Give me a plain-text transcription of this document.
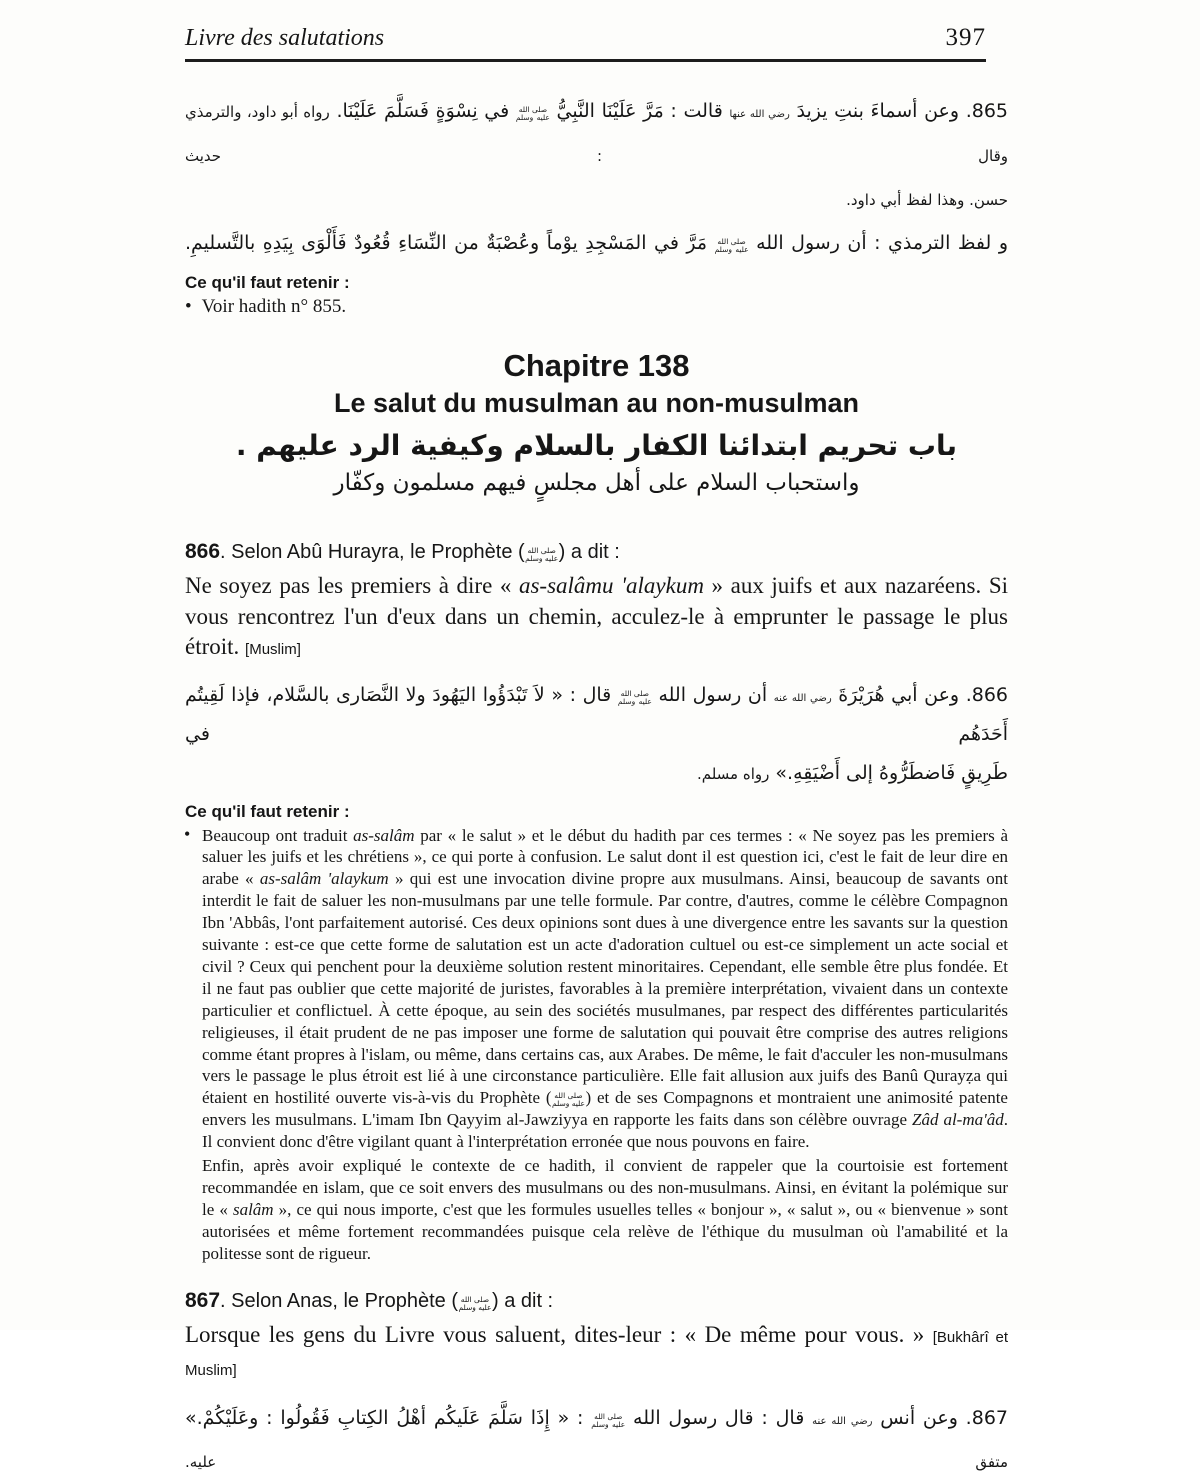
Livre des salutations	397

865. وعن أسماءَ بنتِ يزيدَ رضي الله عنها قالت : مَرَّ عَلَيْنَا النَّبِيُّ صلى الله عليه وسلم في نِسْوَةٍ فَسَلَّمَ عَلَيْنَا. رواه أبو داود، والترمذي وقال : حديث

حسن. وهذا لفظ أبي داود.

و لفظ الترمذي : أن رسول الله صلى الله عليه وسلم مَرَّ في المَسْجِدِ يوْماً وعُصْبَةٌ من النِّسَاءِ قُعُودٌ فَأَلْوَى بِيَدِهِ بالتَّسليمِ.

Ce qu'il faut retenir :

• Voir hadith n° 855.

Chapitre 138

Le salut du musulman au non-musulman

باب تحريم ابتدائنا الكفار بالسلام وكيفية الرد عليهم .

واستحباب السلام على أهل مجلسٍ فيهم مسلمون وكفّار

866. Selon Abû Hurayra, le Prophète ( صلى الله عليه وسلم) a dit :

Ne soyez pas les premiers à dire « as-salâmu 'alaykum » aux juifs et aux nazaréens. Si vous rencontrez l'un d'eux dans un chemin, acculez-le à emprunter le passage le plus étroit. [Muslim]

866. وعن أبي هُرَيْرَةَ رضي الله عنه أن رسول الله صلى الله عليه وسلم قال : « لاَ تَبْدَؤُوا اليَهُودَ ولا النَّصَارى بالسَّلام، فإذا لَقِيتُم أَحَدَهُم في

طَرِيقٍ فَاضطَرُّوهُ إلى أَضْيَقِهِ.» رواه مسلم.

Ce qu'il faut retenir :

• Beaucoup ont traduit as-salâm par « le salut » et le début du hadith par ces termes : « Ne soyez pas les premiers à saluer les juifs et les chrétiens », ce qui porte à confusion. Le salut dont il est question ici, c'est le fait de leur dire en arabe « as-salâm 'alaykum » qui est une invocation divine propre aux musulmans. Ainsi, beaucoup de savants ont interdit le fait de saluer les non-musulmans par une telle formule. Par contre, d'autres, comme le célèbre Compagnon Ibn 'Abbâs, l'ont parfaitement autorisé. Ces deux opinions sont dues à une divergence entre les savants sur la question suivante : est-ce que cette forme de salutation est un acte d'adoration cultuel ou est-ce simplement un acte social et civil ? Ceux qui penchent pour la deuxième solution restent minoritaires. Cependant, elle semble être plus fondée. Et il ne faut pas oublier que cette majorité de juristes, favorables à la première interprétation, vivaient dans un contexte particulier et conflictuel. À cette époque, au sein des sociétés musulmanes, par respect des différentes particularités religieuses, il était prudent de ne pas imposer une forme de salutation qui pouvait être comprise des autres religions comme étant propres à l'islam, ou même, dans certains cas, aux Arabes. De même, le fait d'acculer les non-musulmans vers le passage le plus étroit est lié à une circonstance particulière. Elle fait allusion aux juifs des Banû Qurayẓa qui étaient en hostilité ouverte vis-à-vis du Prophète ( صلى الله عليه وسلم) et de ses Compagnons et montraient une animosité patente envers les musulmans. L'imam Ibn Qayyim al-Jawziyya en rapporte les faits dans son célèbre ouvrage Zâd al-ma'âd. Il convient donc d'être vigilant quant à l'interprétation erronée que nous pouvons en faire.

Enfin, après avoir expliqué le contexte de ce hadith, il convient de rappeler que la courtoisie est fortement recommandée en islam, que ce soit envers des musulmans ou des non-musulmans. Ainsi, en évitant la polémique sur le « salâm », ce qui nous importe, c'est que les formules usuelles telles « bonjour », « salut », ou « bienvenue » sont autorisées et même fortement recommandées puisque cela relève de l'éthique du musulman où l'amabilité et la politesse sont de rigueur.

867. Selon Anas, le Prophète ( صلى الله عليه وسلم) a dit :

Lorsque les gens du Livre vous saluent, dites-leur : « De même pour vous. » [Bukhârî et Muslim]

867. وعن أنس رضي الله عنه قال : قال رسول الله صلى الله عليه وسلم : « إِذَا سَلَّمَ عَلَيكُم أهْلُ الكِتابِ فَقُولُوا : وعَلَيْكُمْ.» متفق عليه.
